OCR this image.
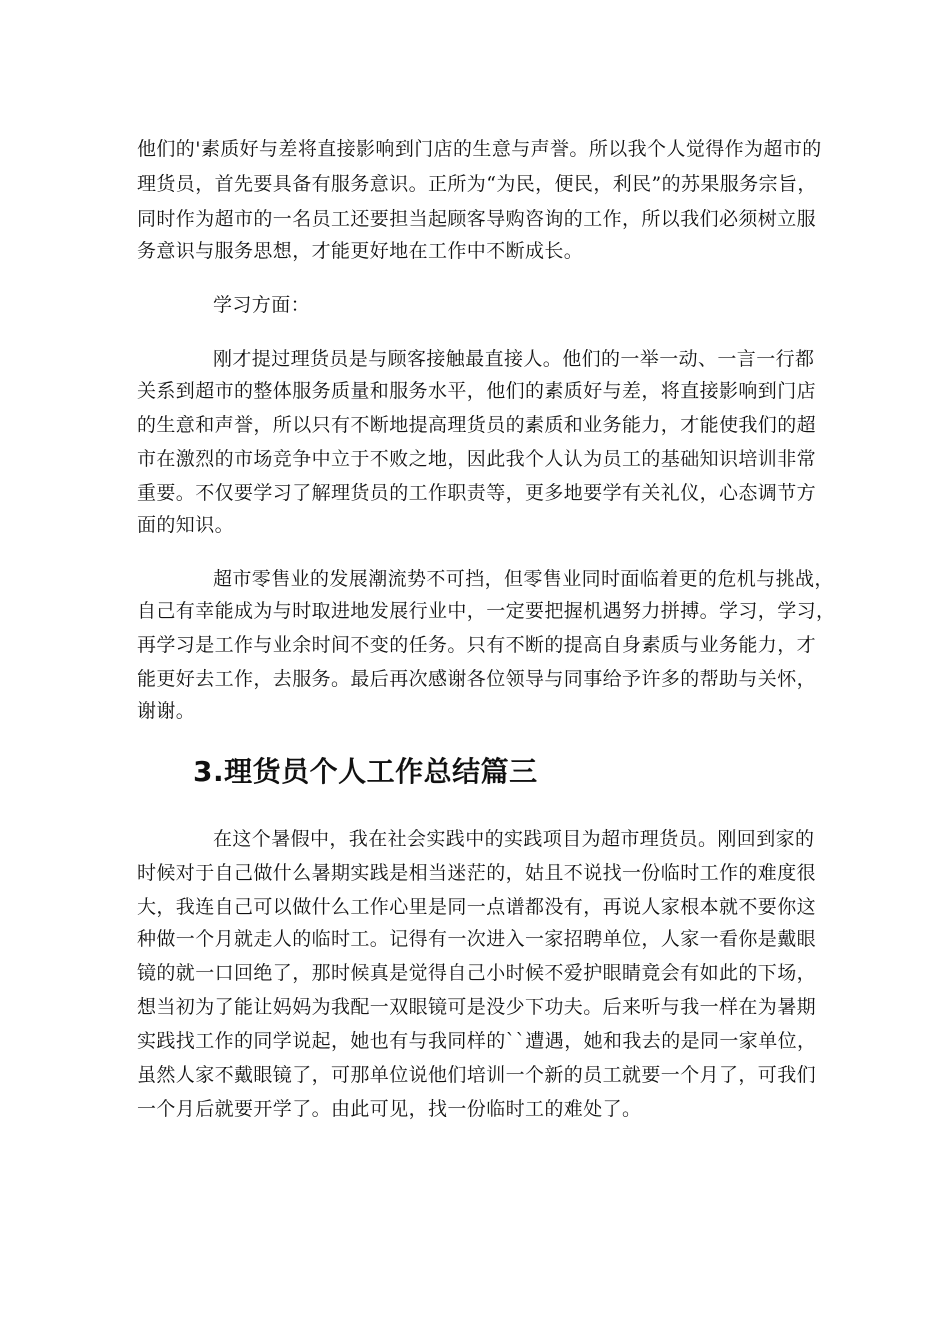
他们的'素质好与差将直接影响到门店的生意与声誉。所以我个人觉得作为超市的
理货员，首先要具备有服务意识。正所为“为民，便民，利民”的苏果服务宗旨，
同时作为超市的一名员工还要担当起顾客导购咨询的工作，所以我们必须树立服
务意识与服务思想，才能更好地在工作中不断成长。
学习方面：
刚才提过理货员是与顾客接触最直接人。他们的一举一动、一言一行都
关系到超市的整体服务质量和服务水平，他们的素质好与差，将直接影响到门店
的生意和声誉，所以只有不断地提高理货员的素质和业务能力，才能使我们的超
市在激烈的市场竞争中立于不败之地，因此我个人认为员工的基础知识培训非常
重要。不仅要学习了解理货员的工作职责等，更多地要学有关礼仪，心态调节方
面的知识。
超市零售业的发展潮流势不可挡，但零售业同时面临着更的危机与挑战，
自己有幸能成为与时取进地发展行业中，一定要把握机遇努力拼搏。学习，学习，
再学习是工作与业余时间不变的任务。只有不断的提高自身素质与业务能力，才
能更好去工作，去服务。最后再次感谢各位领导与同事给予许多的帮助与关怀，
谢谢。
3.理货员个人工作总结篇三
在这个暑假中，我在社会实践中的实践项目为超市理货员。刚回到家的
时候对于自己做什么暑期实践是相当迷茫的，姑且不说找一份临时工作的难度很
大，我连自己可以做什么工作心里是同一点谱都没有，再说人家根本就不要你这
种做一个月就走人的临时工。记得有一次进入一家招聘单位，人家一看你是戴眼
镜的就一口回绝了，那时候真是觉得自己小时候不爱护眼睛竟会有如此的下场，
想当初为了能让妈妈为我配一双眼镜可是没少下功夫。后来听与我一样在为暑期
实践找工作的同学说起，她也有与我同样的``遭遇，她和我去的是同一家单位，
虽然人家不戴眼镜了，可那单位说他们培训一个新的员工就要一个月了，可我们
一个月后就要开学了。由此可见，找一份临时工的难处了。
